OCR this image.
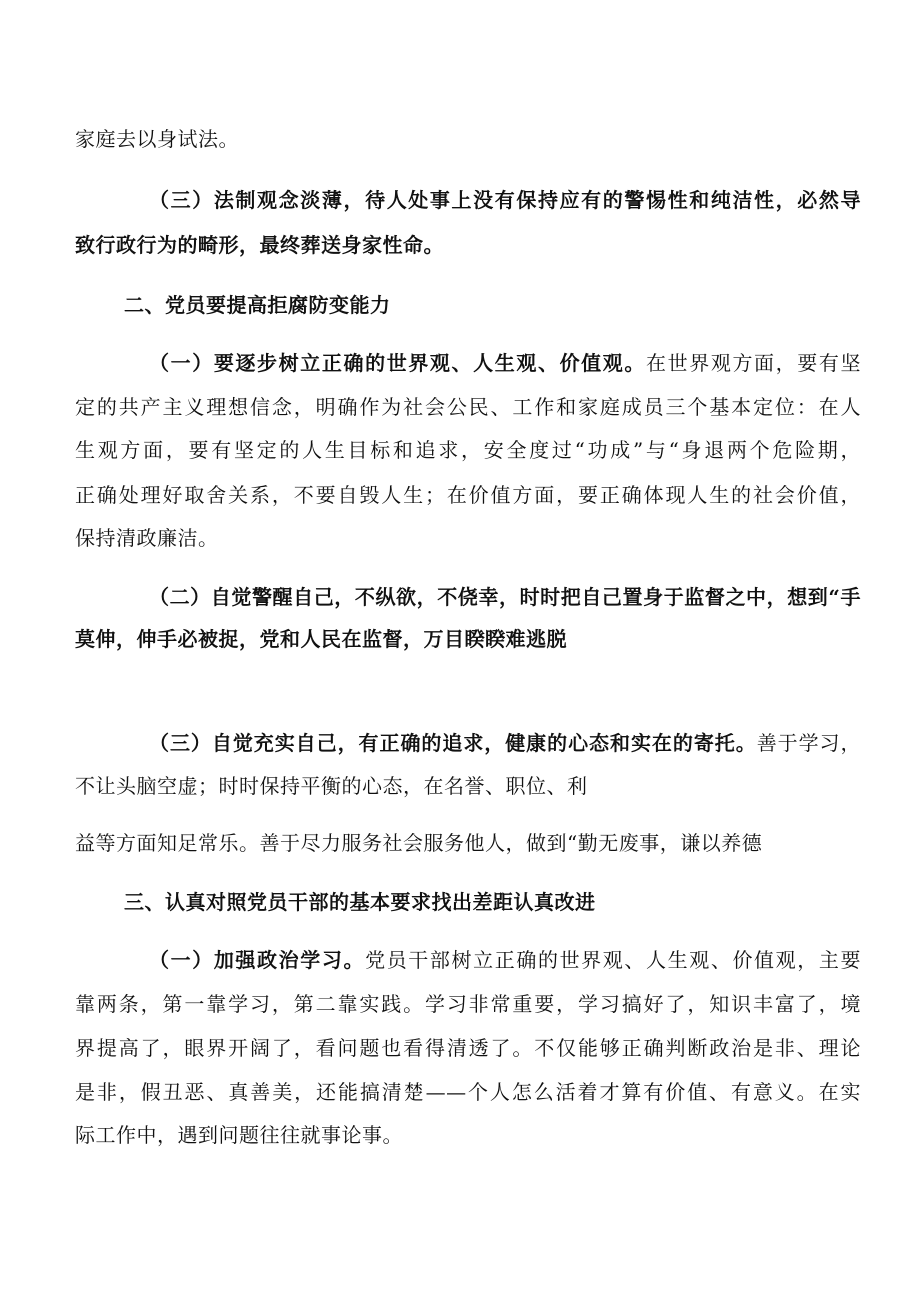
家庭去以身试法。
（三）法制观念淡薄，待人处事上没有保持应有的警惕性和纯洁性，必然导
致行政行为的畸形，最终葬送身家性命。
二、党员要提高拒腐防变能力
（一）要逐步树立正确的世界观、人生观、价值观。在世界观方面，要有坚
定的共产主义理想信念，明确作为社会公民、工作和家庭成员三个基本定位：在人
生观方面，要有坚定的人生目标和追求，安全度过“功成”与“身退两个危险期，
正确处理好取舍关系，不要自毁人生；在价值方面，要正确体现人生的社会价值，
保持清政廉洁。
（二）自觉警醒自己，不纵欲，不侥幸，时时把自己置身于监督之中，想到“手
莫伸，伸手必被捉，党和人民在监督，万目睽睽难逃脱
（三）自觉充实自己，有正确的追求，健康的心态和实在的寄托。善于学习，
不让头脑空虚；时时保持平衡的心态，在名誉、职位、利
益等方面知足常乐。善于尽力服务社会服务他人，做到“勤无废事，谦以养德
三、认真对照党员干部的基本要求找出差距认真改进
（一）加强政治学习。党员干部树立正确的世界观、人生观、价值观，主要
靠两条，第一靠学习，第二靠实践。学习非常重要，学习搞好了，知识丰富了，境
界提高了，眼界开阔了，看问题也看得清透了。不仅能够正确判断政治是非、理论
是非，假丑恶、真善美，还能搞清楚——个人怎么活着才算有价值、有意义。在实
际工作中，遇到问题往往就事论事。
